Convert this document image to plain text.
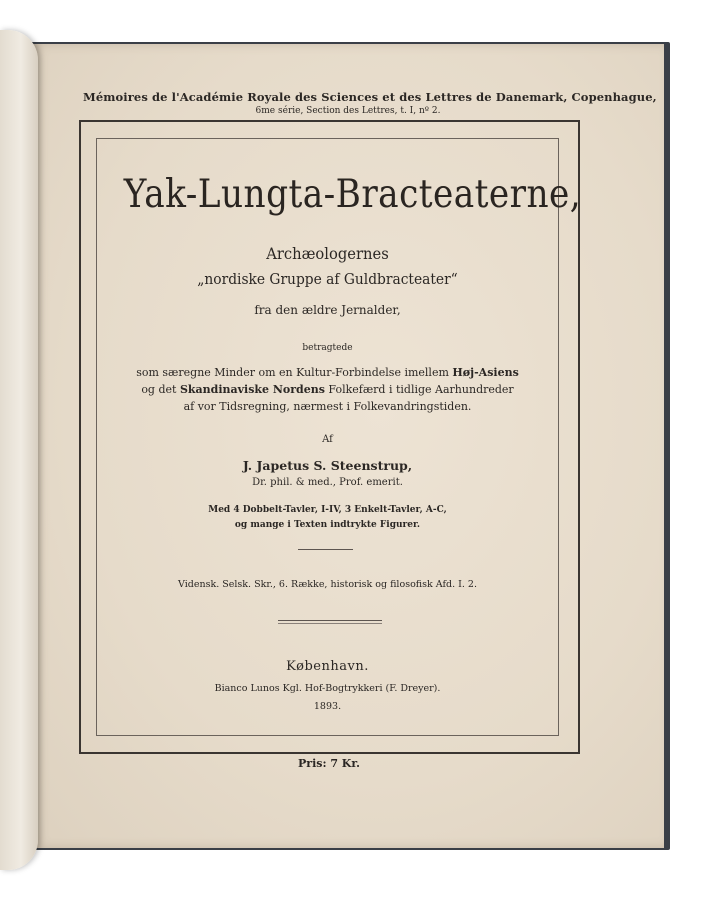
Mémoires de l'Académie Royale des Sciences et des Lettres de Danemark, Copenhague,
6me série, Section des Lettres, t. I, nº 2.
Yak-Lungta-Bracteaterne,
Archæologernes
„nordiske Gruppe af Guldbracteater“
fra den ældre Jernalder,
betragtede
som særegne Minder om en Kultur-Forbindelse imellem Høj-Asiens
og det Skandinaviske Nordens Folkefærd i tidlige Aarhundreder
af vor Tidsregning, nærmest i Folkevandringstiden.
Af
J. Japetus S. Steenstrup,
Dr. phil. & med., Prof. emerit.
Med 4 Dobbelt-Tavler, I-IV, 3 Enkelt-Tavler, A-C,
og mange i Texten indtrykte Figurer.
Vidensk. Selsk. Skr., 6. Række, historisk og filosofisk Afd. I. 2.
København.
Bianco Lunos Kgl. Hof-Bogtrykkeri (F. Dreyer).
1893.
Pris: 7 Kr.
